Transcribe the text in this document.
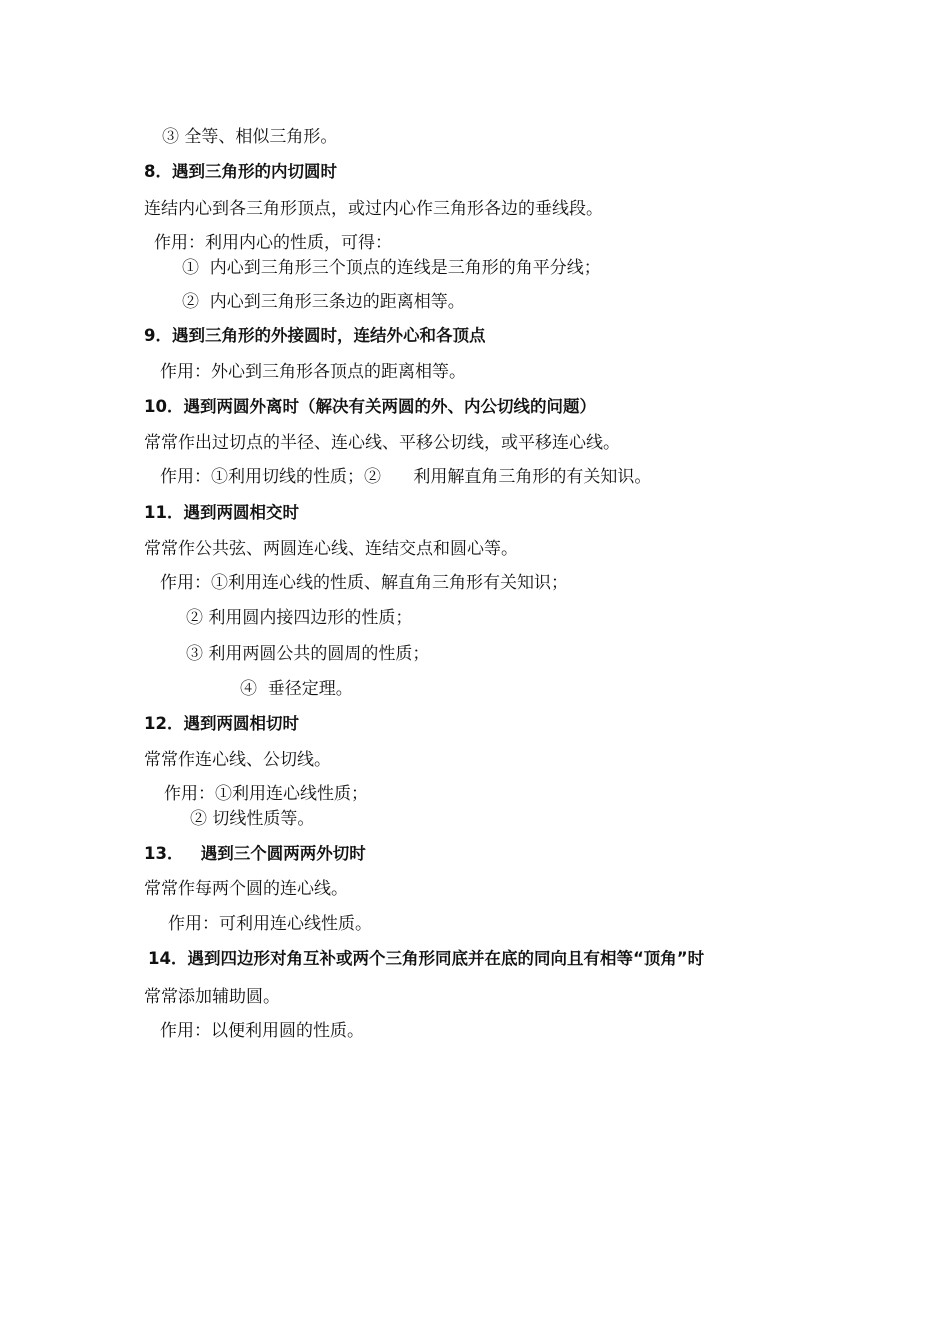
③ 全等、相似三角形。
8．遇到三角形的内切圆时
连结内心到各三角形顶点，或过内心作三角形各边的垂线段。
作用：利用内心的性质，可得：
①  内心到三角形三个顶点的连线是三角形的角平分线；
②  内心到三角形三条边的距离相等。
9．遇到三角形的外接圆时，连结外心和各顶点
作用：外心到三角形各顶点的距离相等。
10．遇到两圆外离时（解决有关两圆的外、内公切线的问题）
常常作出过切点的半径、连心线、平移公切线，或平移连心线。
作用：①利用切线的性质；②      利用解直角三角形的有关知识。
11．遇到两圆相交时
常常作公共弦、两圆连心线、连结交点和圆心等。
作用：①利用连心线的性质、解直角三角形有关知识；
② 利用圆内接四边形的性质；
③ 利用两圆公共的圆周的性质；
④  垂径定理。
12．遇到两圆相切时
常常作连心线、公切线。
作用：①利用连心线性质；
② 切线性质等。
13．   遇到三个圆两两外切时
常常作每两个圆的连心线。
作用：可利用连心线性质。
14．遇到四边形对角互补或两个三角形同底并在底的同向且有相等“顶角”时
常常添加辅助圆。
作用：以便利用圆的性质。
